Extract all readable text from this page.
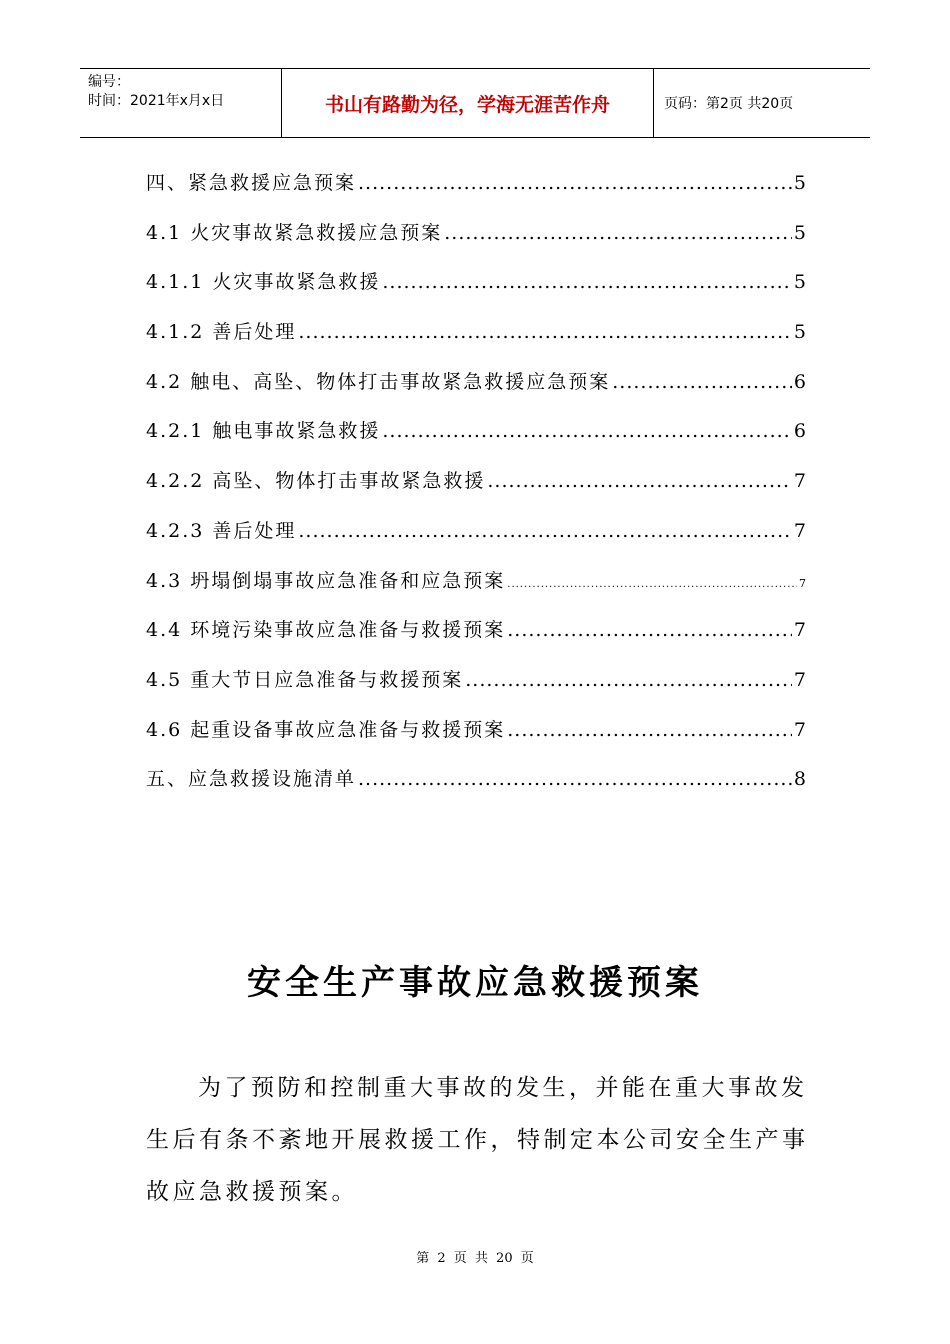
编号：
时间：2021年x月x日	书山有路勤为径，学海无涯苦作舟	页码：第2页 共20页
四、紧急救援应急预案 .....	5
4.1 火灾事故紧急救援应急预案 .....	5
4.1.1 火灾事故紧急救援 .....	5
4.1.2 善后处理 .....	5
4.2 触电、高坠、物体打击事故紧急救援应急预案 .....	6
4.2.1 触电事故紧急救援 .....	6
4.2.2 高坠、物体打击事故紧急救援 .....	7
4.2.3 善后处理 .....	7
4.3 坍塌倒塌事故应急准备和应急预案 .....	7
4.4 环境污染事故应急准备与救援预案 .....	7
4.5 重大节日应急准备与救援预案 .....	7
4.6 起重设备事故应急准备与救援预案 .....	7
五、应急救援设施清单 .....	8
安全生产事故应急救援预案
为了预防和控制重大事故的发生，并能在重大事故发生后有条不紊地开展救援工作，特制定本公司安全生产事故应急救援预案。
第 2 页 共 20 页
